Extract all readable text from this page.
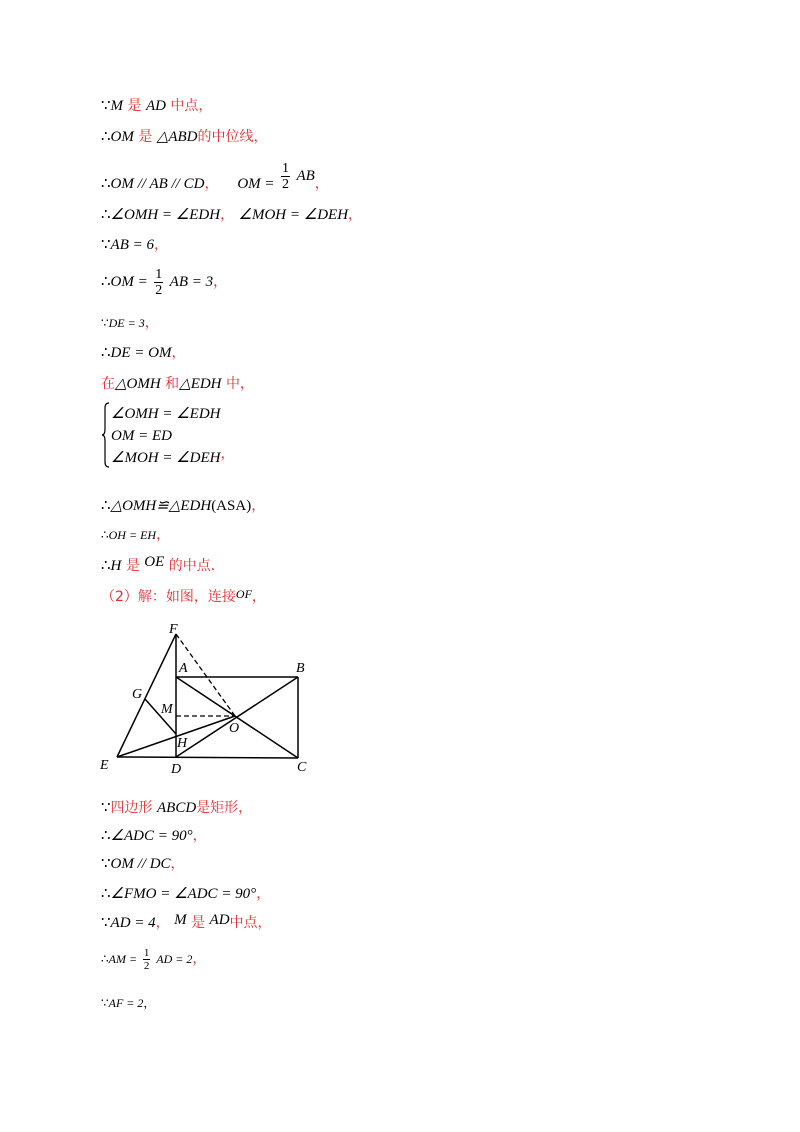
∵M 是 AD 中点，
∴OM 是 △ABD的中位线，
∴OM // AB // CD， OM = $\frac{1}{2}$ AB，
∴∠OMH = ∠EDH， ∠MOH = ∠DEH，
∵AB = 6，
∴OM = $\frac{1}{2}$ AB = 3，
∵DE = 3，
∴DE = OM，
在△OMH 和△EDH 中，
∠OMH = ∠EDH
OM = ED
∠MOH = ∠DEH，
∴△OMH≌△EDH(ASA)，
∴OH = EH，
∴H 是 OE 的中点．
（2）解：如图，连接OF，
F
A	B
G
M
O
H
E	D	C
∵四边形 ABCD是矩形，
∴∠ADC = 90°，
∵OM // DC，
∴∠FMO = ∠ADC = 90°，
∵AD = 4， M 是 AD中点，
∴AM = $\frac{1}{2}$ AD = 2，
∵AF = 2，
